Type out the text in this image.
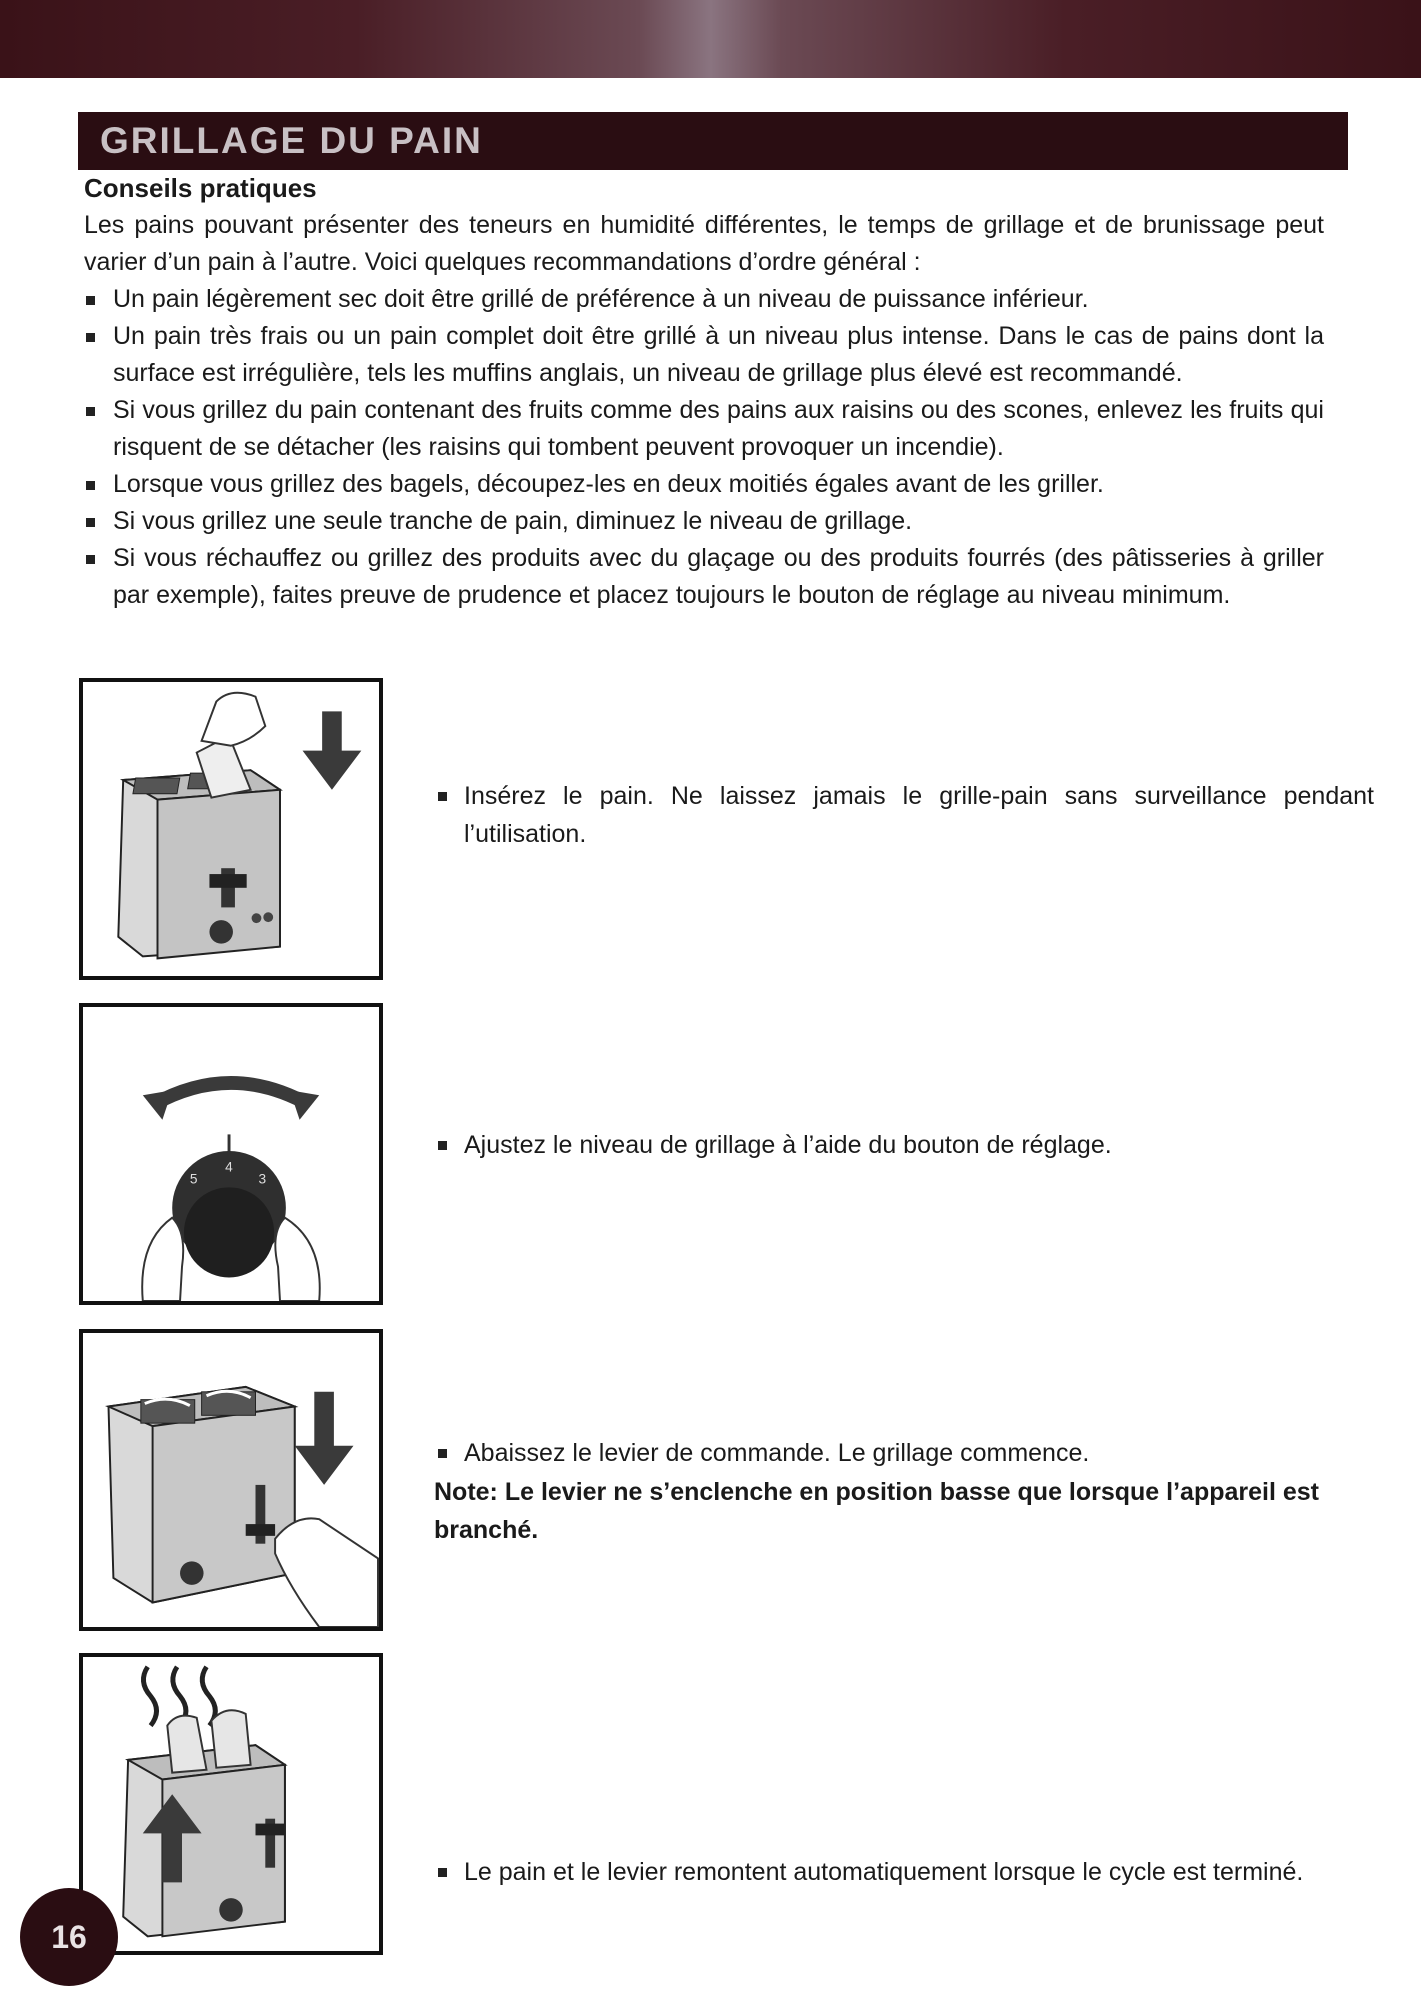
GRILLAGE DU PAIN

Conseils pratiques

Les pains pouvant présenter des teneurs en humidité différentes, le temps de grillage et de brunissage peut varier d’un pain à l’autre. Voici quelques recommandations d’ordre général :

Un pain légèrement sec doit être grillé de préférence à un niveau de puissance inférieur.
Un pain très frais ou un pain complet doit être grillé à un niveau plus intense. Dans le cas de pains dont la surface est irrégulière, tels les muffins anglais, un niveau de grillage plus élevé est recommandé.
Si vous grillez du pain contenant des fruits comme des pains aux raisins ou des scones, enlevez les fruits qui risquent de se détacher (les raisins qui tombent peuvent provoquer un incendie).
Lorsque vous grillez des bagels, découpez-les en deux moitiés égales avant de les griller.
Si vous grillez une seule tranche de pain, diminuez le niveau de grillage.
Si vous réchauffez ou grillez des produits avec du glaçage ou des produits fourrés (des pâtisseries à griller par exemple), faites preuve de prudence et placez toujours le bouton de réglage au niveau minimum.
Insérez le pain. Ne laissez jamais le grille-pain sans surveillance pendant l’utilisation.
5
4
3
Ajustez le niveau de grillage à l’aide du bouton de réglage.
Abaissez le levier de commande. Le grillage commence.
Note: Le levier ne s’enclenche en position basse que lorsque l’appareil est branché.
Le pain et le levier remontent automatiquement lorsque le cycle est terminé.
16
